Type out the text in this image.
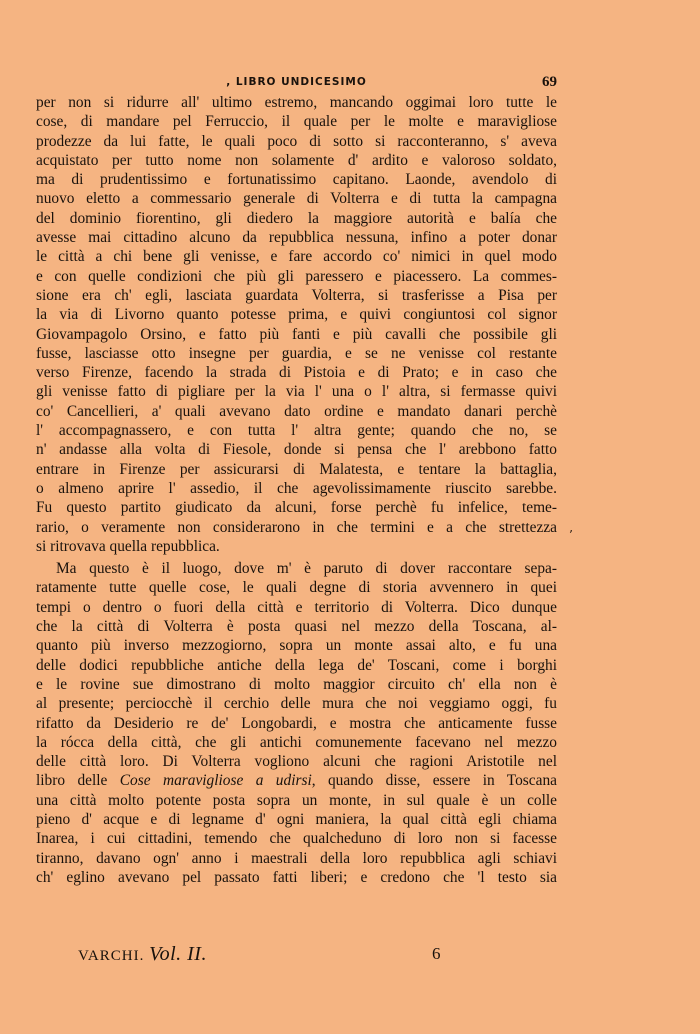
, LIBRO UNDICESIMO	69
per non si ridurre all' ultimo estremo, mancando oggimai loro tutte le
cose, di mandare pel Ferruccio, il quale per le molte e maravigliose
prodezze da lui fatte, le quali poco di sotto si racconteranno, s' aveva
acquistato per tutto nome non solamente d' ardito e valoroso soldato,
ma di prudentissimo e fortunatissimo capitano. Laonde, avendolo di
nuovo eletto a commessario generale di Volterra e di tutta la campagna
del dominio fiorentino, gli diedero la maggiore autorità e balía che
avesse mai cittadino alcuno da repubblica nessuna, infino a poter donar
le città a chi bene gli venisse, e fare accordo co' nimici in quel modo
e con quelle condizioni che più gli paressero e piacessero. La commes-
sione era ch' egli, lasciata guardata Volterra, si trasferisse a Pisa per
la via di Livorno quanto potesse prima, e quivi congiuntosi col signor
Giovampagolo Orsino, e fatto più fanti e più cavalli che possibile gli
fusse, lasciasse otto insegne per guardia, e se ne venisse col restante
verso Firenze, facendo la strada di Pistoia e di Prato; e in caso che
gli venisse fatto di pigliare per la via l' una o l' altra, si fermasse quivi
co' Cancellieri, a' quali avevano dato ordine e mandato danari perchè
l' accompagnassero, e con tutta l' altra gente; quando che no, se
n' andasse alla volta di Fiesole, donde si pensa che l' arebbono fatto
entrare in Firenze per assicurarsi di Malatesta, e tentare la battaglia,
o almeno aprire l' assedio, il che agevolissimamente riuscito sarebbe.
Fu questo partito giudicato da alcuni, forse perchè fu infelice, teme-
rario, o veramente non considerarono in che termini e a che strettezza
si ritrovava quella repubblica.
Ma questo è il luogo, dove m' è paruto di dover raccontare sepa-
ratamente tutte quelle cose, le quali degne di storia avvennero in quei
tempi o dentro o fuori della città e territorio di Volterra. Dico dunque
che la città di Volterra è posta quasi nel mezzo della Toscana, al-
quanto più inverso mezzogiorno, sopra un monte assai alto, e fu una
delle dodici repubbliche antiche della lega de' Toscani, come i borghi
e le rovine sue dimostrano di molto maggior circuito ch' ella non è
al presente; perciocchè il cerchio delle mura che noi veggiamo oggi, fu
rifatto da Desiderio re de' Longobardi, e mostra che anticamente fusse
la rócca della città, che gli antichi comunemente facevano nel mezzo
delle città loro. Di Volterra vogliono alcuni che ragioni Aristotile nel
libro delle Cose maravigliose a udirsi, quando disse, essere in Toscana
una città molto potente posta sopra un monte, in sul quale è un colle
pieno d' acque e di legname d' ogni maniera, la qual città egli chiama
Inarea, i cui cittadini, temendo che qualcheduno di loro non si facesse
tiranno, davano ogn' anno i maestrali della loro repubblica agli schiavi
ch' eglino avevano pel passato fatti liberi; e credono che 'l testo sia
’
VARCHI. Vol. II.	6
